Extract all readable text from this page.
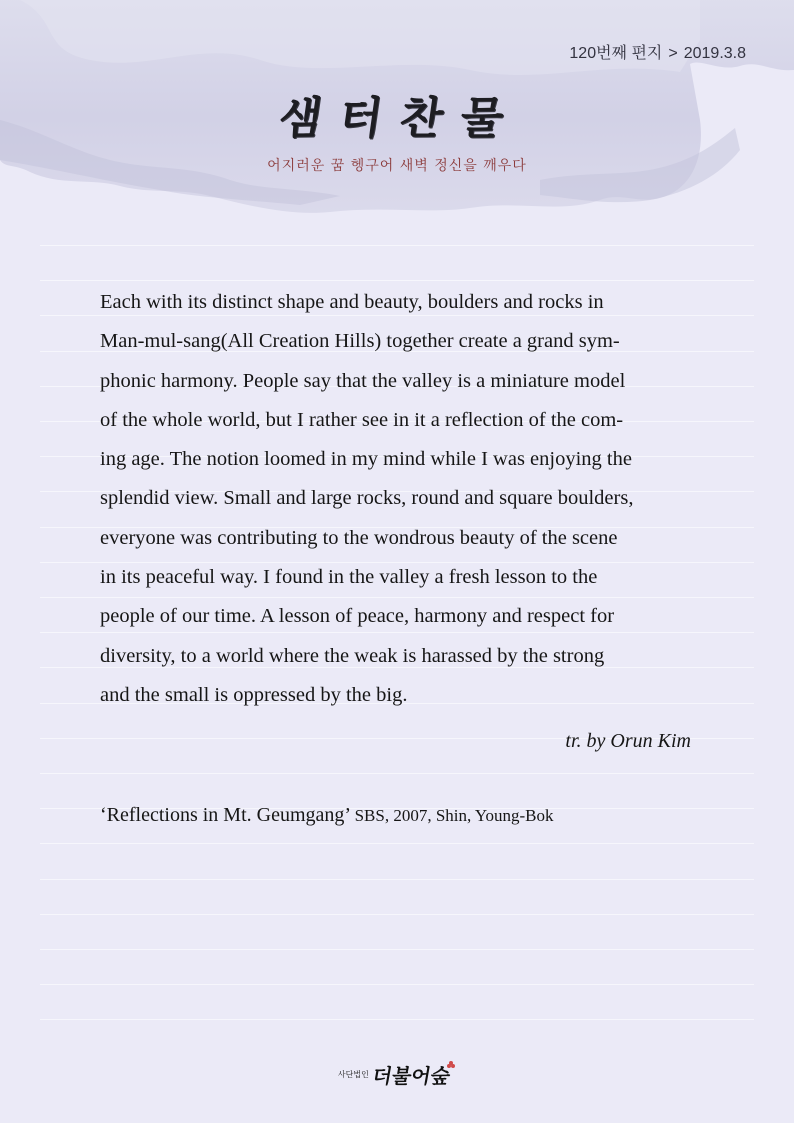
120번째 편지 > 2019.3.8
샘터찬물
어지러운 꿈 헹구어 새벽 정신을 깨우다
Each with its distinct shape and beauty, boulders and rocks in
Man-mul-sang(All Creation Hills) together create a grand sym-
phonic harmony. People say that the valley is a miniature model
of the whole world, but I rather see in it a reflection of the com-
ing age. The notion loomed in my mind while I was enjoying the
splendid view. Small and large rocks, round and square boulders,
everyone was contributing to the wondrous beauty of the scene
in its peaceful way. I found in the valley a fresh lesson to the
people of our time. A lesson of peace, harmony and respect for
diversity, to a world where the weak is harassed by the strong
and the small is oppressed by the big.
tr. by Orun Kim
‘Reflections in Mt. Geumgang’ SBS, 2007, Shin, Young-Bok
사단법인더불어숲
